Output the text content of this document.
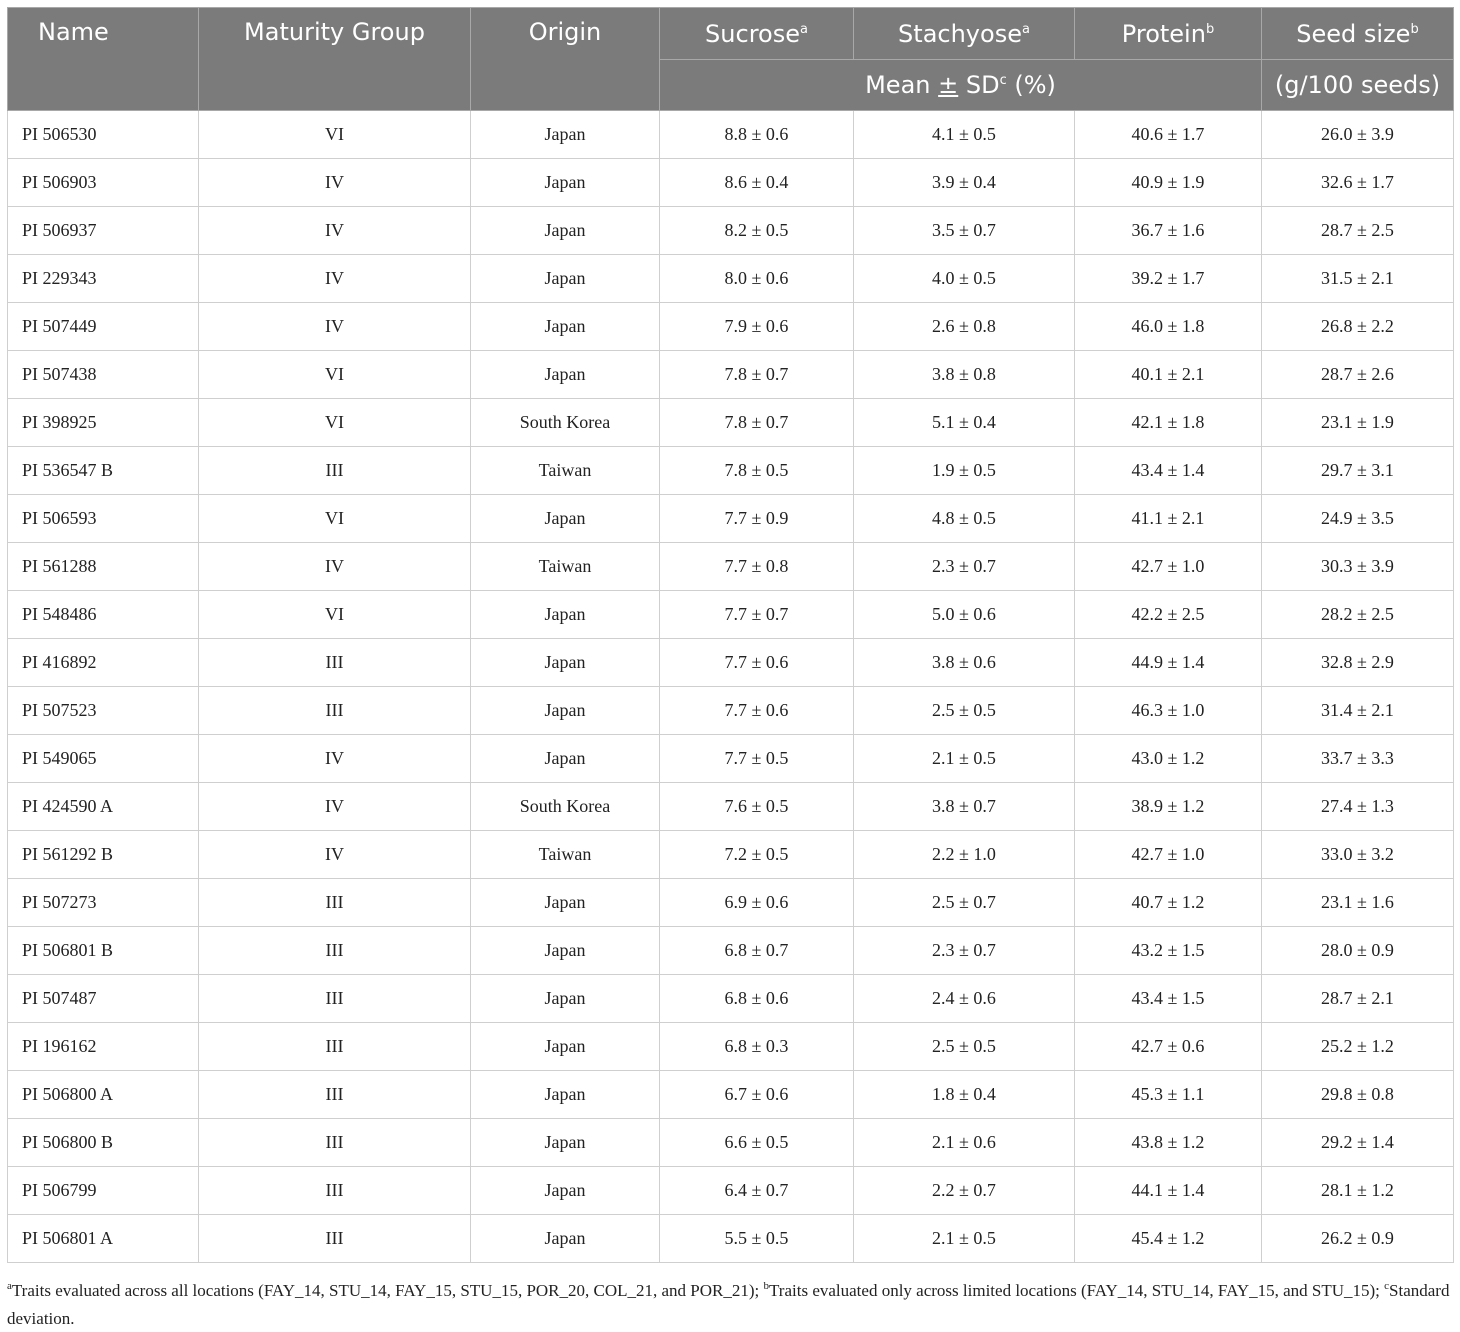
Name	Maturity Group	Origin	Sucrose$^a$	Stachyose$^a$	Protein$^b$	Seed size$^b$
			Mean ± $SD^c$ (%)			(g/100 seeds)
PI 506530	VI	Japan	8.8 ± 0.6	4.1 ± 0.5	40.6 ± 1.7	26.0 ± 3.9
PI 506903	IV	Japan	8.6 ± 0.4	3.9 ± 0.4	40.9 ± 1.9	32.6 ± 1.7
PI 506937	IV	Japan	8.2 ± 0.5	3.5 ± 0.7	36.7 ± 1.6	28.7 ± 2.5
PI 229343	IV	Japan	8.0 ± 0.6	4.0 ± 0.5	39.2 ± 1.7	31.5 ± 2.1
PI 507449	IV	Japan	7.9 ± 0.6	2.6 ± 0.8	46.0 ± 1.8	26.8 ± 2.2
PI 507438	VI	Japan	7.8 ± 0.7	3.8 ± 0.8	40.1 ± 2.1	28.7 ± 2.6
PI 398925	VI	South Korea	7.8 ± 0.7	5.1 ± 0.4	42.1 ± 1.8	23.1 ± 1.9
PI 536547 B	III	Taiwan	7.8 ± 0.5	1.9 ± 0.5	43.4 ± 1.4	29.7 ± 3.1
PI 506593	VI	Japan	7.7 ± 0.9	4.8 ± 0.5	41.1 ± 2.1	24.9 ± 3.5
PI 561288	IV	Taiwan	7.7 ± 0.8	2.3 ± 0.7	42.7 ± 1.0	30.3 ± 3.9
PI 548486	VI	Japan	7.7 ± 0.7	5.0 ± 0.6	42.2 ± 2.5	28.2 ± 2.5
PI 416892	III	Japan	7.7 ± 0.6	3.8 ± 0.6	44.9 ± 1.4	32.8 ± 2.9
PI 507523	III	Japan	7.7 ± 0.6	2.5 ± 0.5	46.3 ± 1.0	31.4 ± 2.1
PI 549065	IV	Japan	7.7 ± 0.5	2.1 ± 0.5	43.0 ± 1.2	33.7 ± 3.3
PI 424590 A	IV	South Korea	7.6 ± 0.5	3.8 ± 0.7	38.9 ± 1.2	27.4 ± 1.3
PI 561292 B	IV	Taiwan	7.2 ± 0.5	2.2 ± 1.0	42.7 ± 1.0	33.0 ± 3.2
PI 507273	III	Japan	6.9 ± 0.6	2.5 ± 0.7	40.7 ± 1.2	23.1 ± 1.6
PI 506801 B	III	Japan	6.8 ± 0.7	2.3 ± 0.7	43.2 ± 1.5	28.0 ± 0.9
PI 507487	III	Japan	6.8 ± 0.6	2.4 ± 0.6	43.4 ± 1.5	28.7 ± 2.1
PI 196162	III	Japan	6.8 ± 0.3	2.5 ± 0.5	42.7 ± 0.6	25.2 ± 1.2
PI 506800 A	III	Japan	6.7 ± 0.6	1.8 ± 0.4	45.3 ± 1.1	29.8 ± 0.8
PI 506800 B	III	Japan	6.6 ± 0.5	2.1 ± 0.6	43.8 ± 1.2	29.2 ± 1.4
PI 506799	III	Japan	6.4 ± 0.7	2.2 ± 0.7	44.1 ± 1.4	28.1 ± 1.2
PI 506801 A	III	Japan	5.5 ± 0.5	2.1 ± 0.5	45.4 ± 1.2	26.2 ± 0.9
$^a$Traits evaluated across all locations (FAY_14, STU_14, FAY_15, STU_15, POR_20, COL_21, and POR_21); $^b$Traits evaluated only across limited locations (FAY_14, STU_14, FAY_15, and STU_15); $^c$Standard deviation.
